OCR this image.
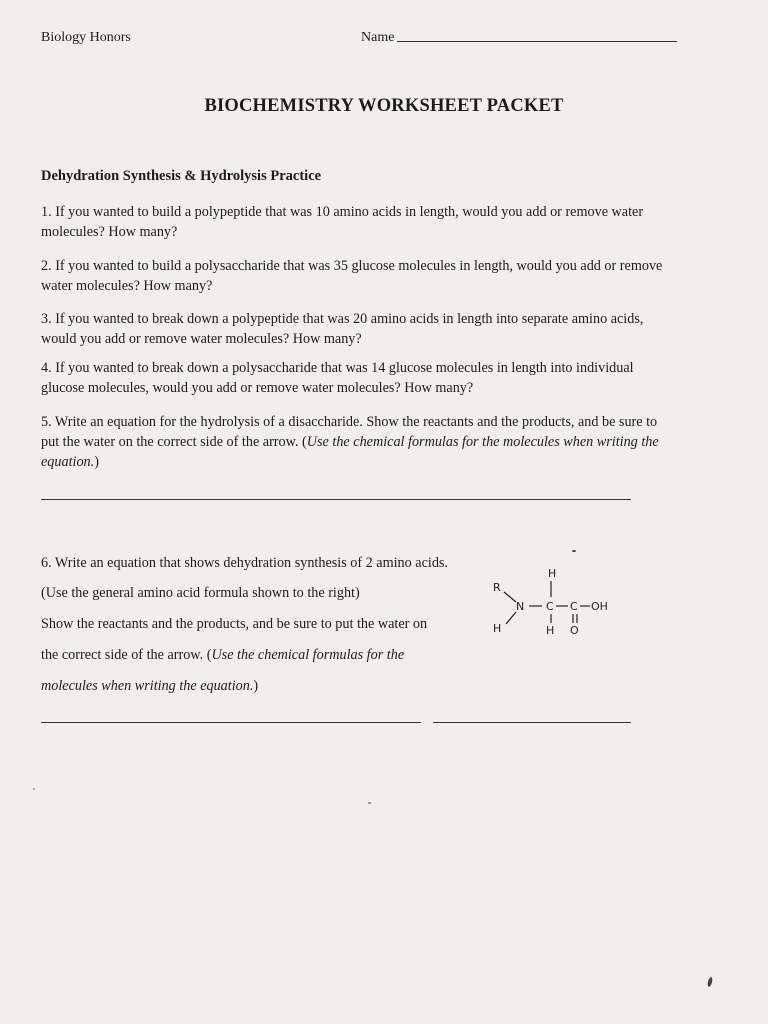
Biology Honors	Name
BIOCHEMISTRY WORKSHEET PACKET
Dehydration Synthesis & Hydrolysis Practice
1. If you wanted to build a polypeptide that was 10 amino acids in length, would you add or remove water
molecules? How many?
2. If you wanted to build a polysaccharide that was 35 glucose molecules in length, would you add or remove
water molecules? How many?
3. If you wanted to break down a polypeptide that was 20 amino acids in length into separate amino acids,
would you add or remove water molecules? How many?
4. If you wanted to break down a polysaccharide that was 14 glucose molecules in length into individual
glucose molecules, would you add or remove water molecules? How many?
5. Write an equation for the hydrolysis of a disaccharide. Show the reactants and the products, and be sure to
put the water on the correct side of the arrow. (Use the chemical formulas for the molecules when writing the
equation.)
6. Write an equation that shows dehydration synthesis of 2 amino acids.
(Use the general amino acid formula shown to the right)
Show the reactants and the products, and be sure to put the water on
the correct side of the arrow. (Use the chemical formulas for the
molecules when writing the equation.)
H
R
N C C OH
H	H O
